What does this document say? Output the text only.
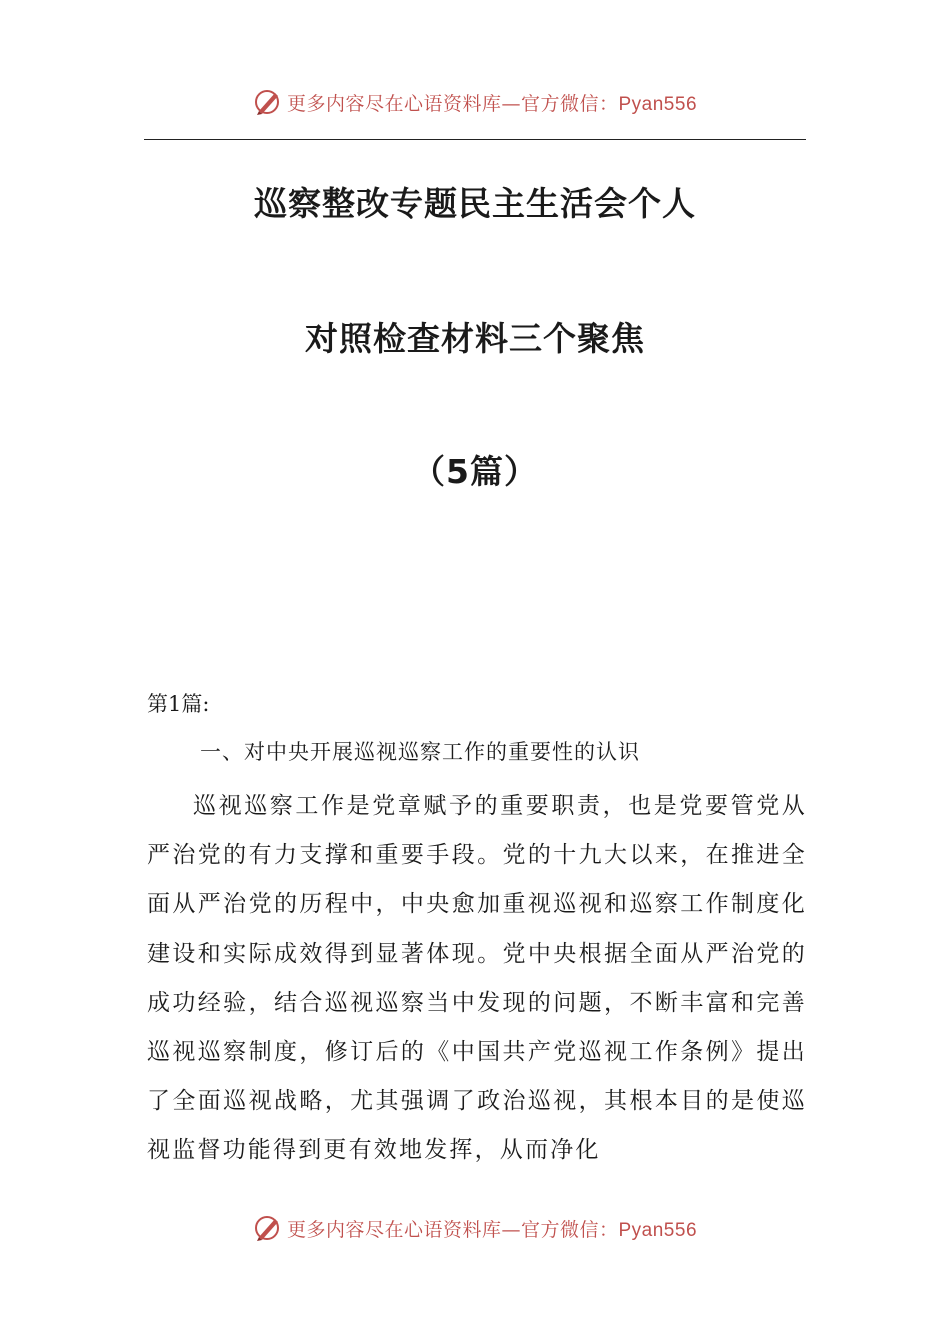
更多内容尽在心语资料库—官方微信：Pyan556
巡察整改专题民主生活会个人
对照检查材料三个聚焦
（5篇）
第1篇:
一、对中央开展巡视巡察工作的重要性的认识

巡视巡察工作是党章赋予的重要职责，也是党要管党从严治党的有力支撑和重要手段。党的十九大以来，在推进全面从严治党的历程中，中央愈加重视巡视和巡察工作制度化建设和实际成效得到显著体现。党中央根据全面从严治党的成功经验，结合巡视巡察当中发现的问题，不断丰富和完善巡视巡察制度，修订后的《中国共产党巡视工作条例》提出了全面巡视战略，尤其强调了政治巡视，其根本目的是使巡视监督功能得到更有效地发挥，从而净化

更多内容尽在心语资料库—官方微信：Pyan556
